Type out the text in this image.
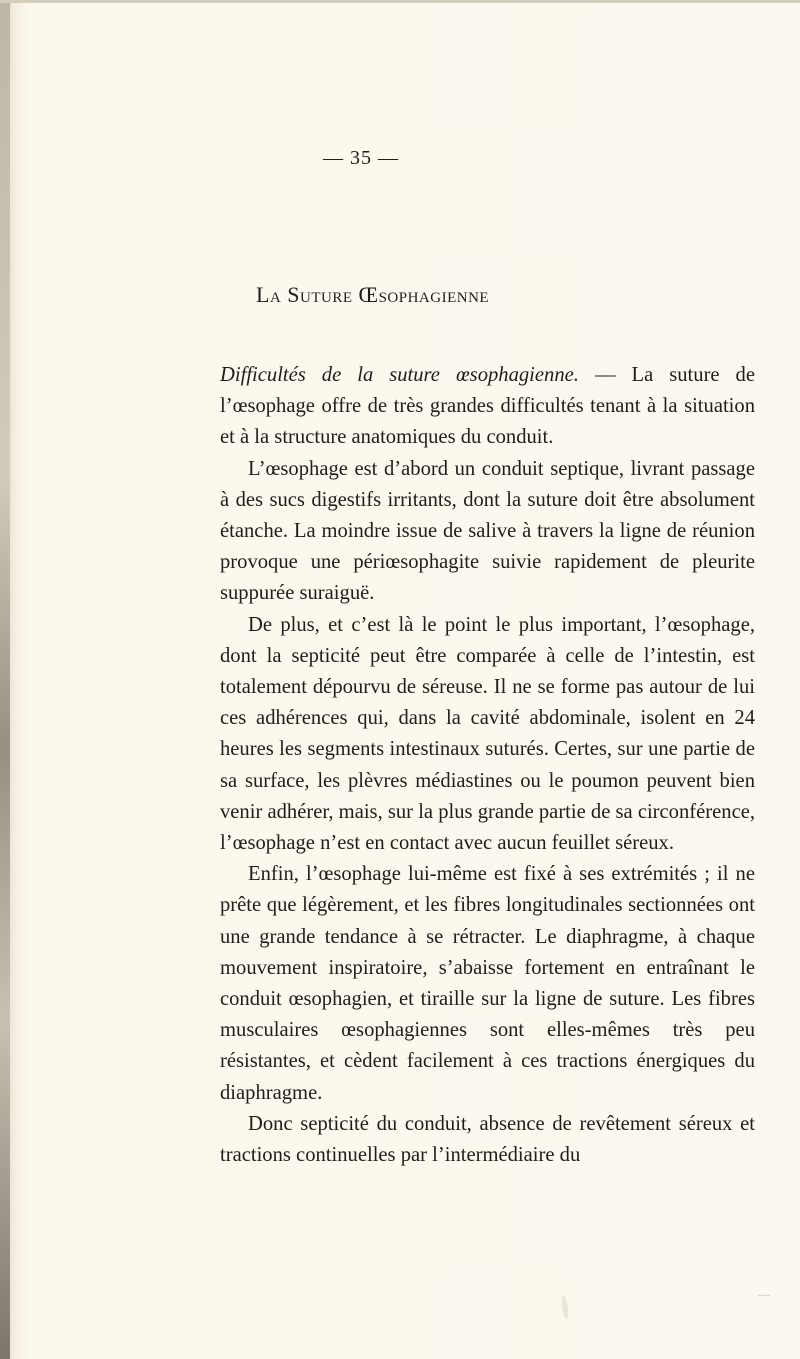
— 35 —
La Suture Œsophagienne

Difficultés de la suture œsophagienne. — La suture de l’œsophage offre de très grandes difficultés tenant à la situation et à la structure anatomiques du conduit.

L’œsophage est d’abord un conduit septique, livrant passage à des sucs digestifs irritants, dont la suture doit être absolument étanche. La moindre issue de salive à travers la ligne de réunion provoque une périœsophagite suivie rapidement de pleurite suppurée suraiguë.

De plus, et c’est là le point le plus important, l’œsophage, dont la septicité peut être comparée à celle de l’intestin, est totalement dépourvu de séreuse. Il ne se forme pas autour de lui ces adhérences qui, dans la cavité abdominale, isolent en 24 heures les segments intestinaux suturés. Certes, sur une partie de sa surface, les plèvres médiastines ou le poumon peuvent bien venir adhérer, mais, sur la plus grande partie de sa circonférence, l’œsophage n’est en contact avec aucun feuillet séreux.

Enfin, l’œsophage lui-même est fixé à ses extrémités ; il ne prête que légèrement, et les fibres longitudinales sectionnées ont une grande tendance à se rétracter. Le diaphragme, à chaque mouvement inspiratoire, s’abaisse fortement en entraînant le conduit œsophagien, et tiraille sur la ligne de suture. Les fibres musculaires œsophagiennes sont elles-mêmes très peu résistantes, et cèdent facilement à ces tractions énergiques du diaphragme.

Donc septicité du conduit, absence de revêtement séreux et tractions continuelles par l’intermédiaire du
